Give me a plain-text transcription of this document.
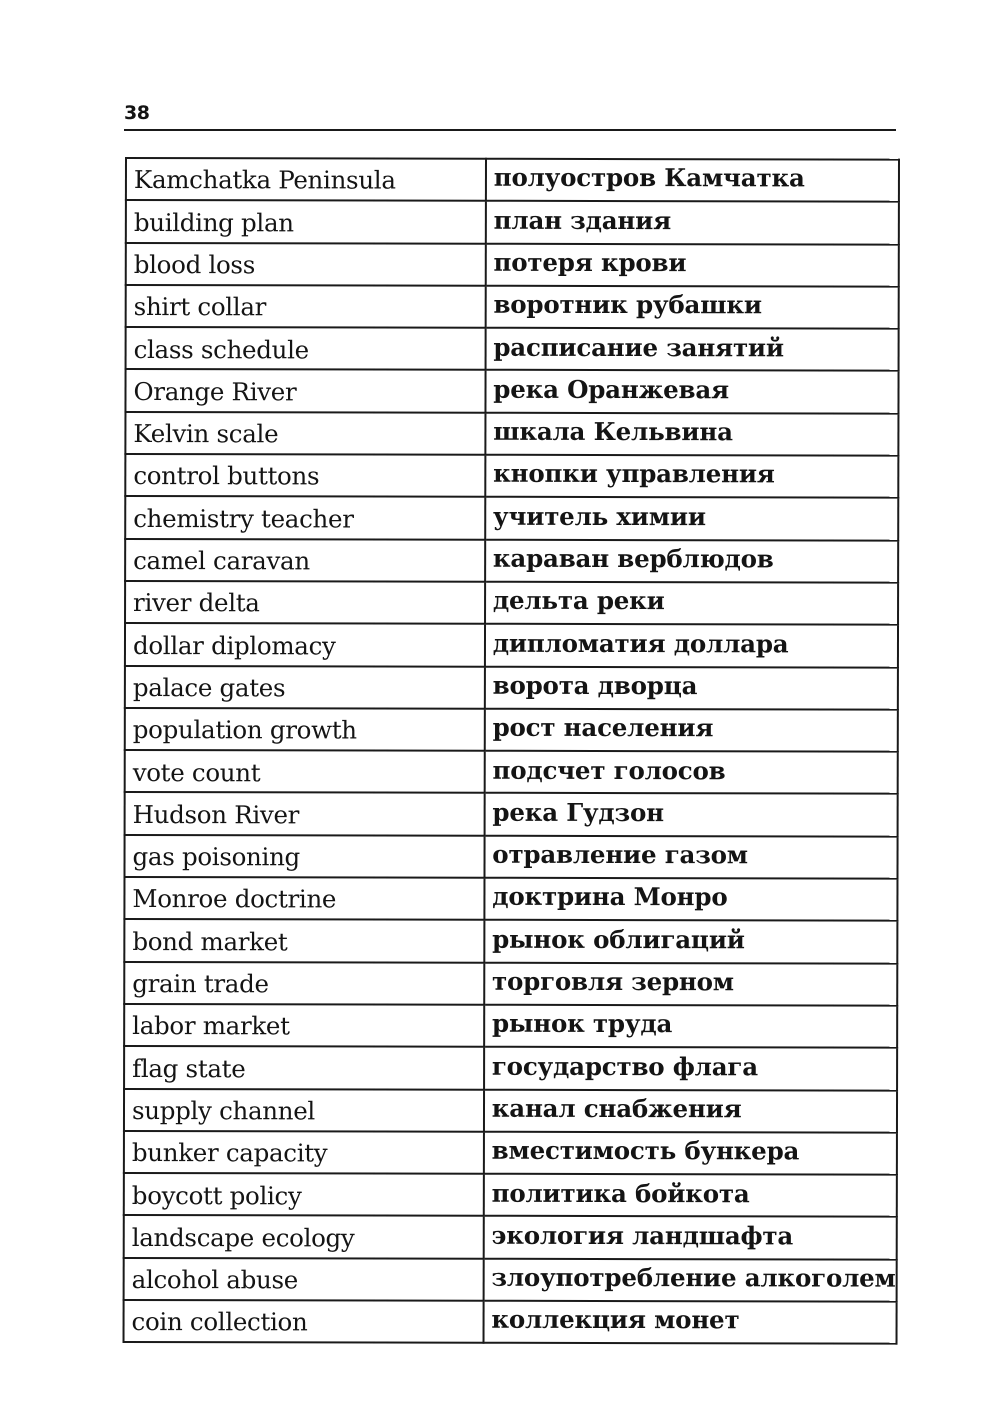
38
Kamchatka Peninsula	полуостров Камчатка
building plan	план здания
blood loss	потеря крови
shirt collar	воротник рубашки
class schedule	расписание занятий
Orange River	река Оранжевая
Kelvin scale	шкала Кельвина
control buttons	кнопки управления
chemistry teacher	учитель химии
camel caravan	караван верблюдов
river delta	дельта реки
dollar diplomacy	дипломатия доллара
palace gates	ворота дворца
population growth	рост населения
vote count	подсчет голосов
Hudson River	река Гудзон
gas poisoning	отравление газом
Monroe doctrine	доктрина Монро
bond market	рынок облигаций
grain trade	торговля зерном
labor market	рынок труда
flag state	государство флага
supply channel	канал снабжения
bunker capacity	вместимость бункера
boycott policy	политика бойкота
landscape ecology	экология ландшафта
alcohol abuse	злоупотребление алкоголем
coin collection	коллекция монет
